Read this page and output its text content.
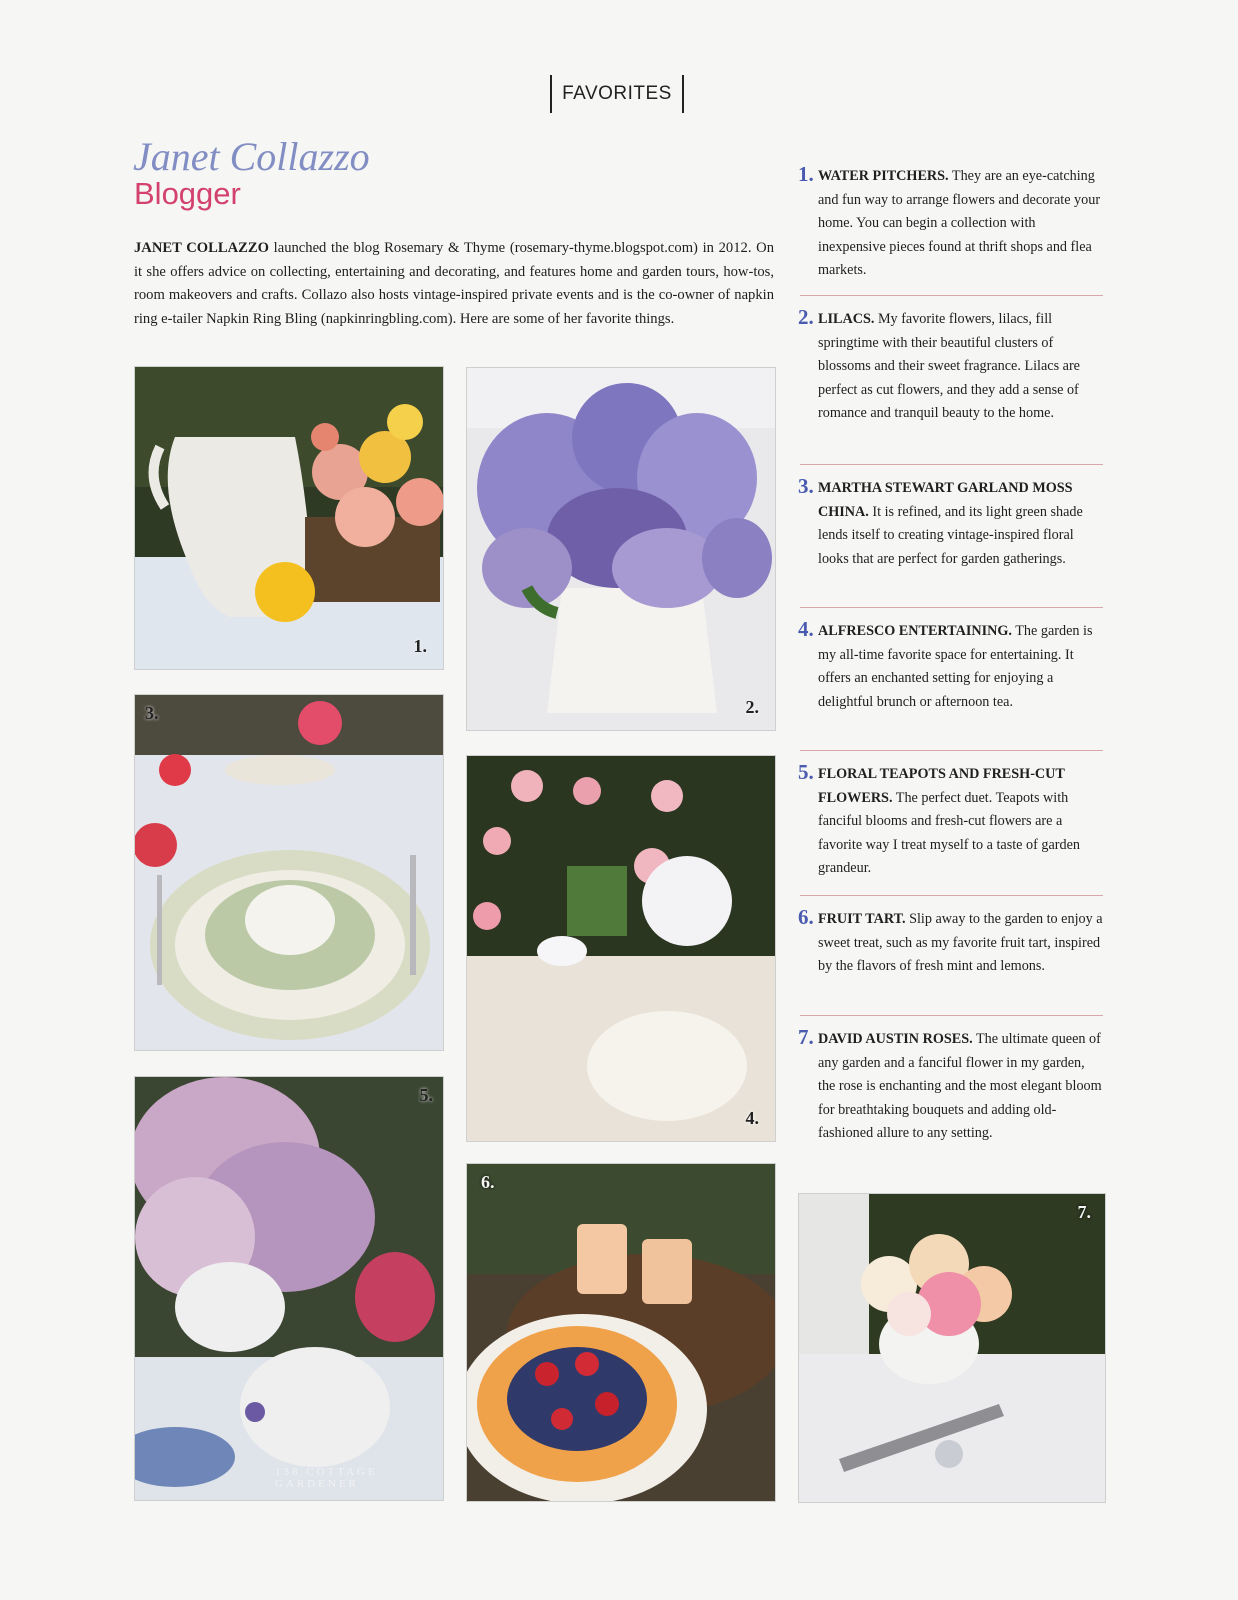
FAVORITES
Janet Collazzo
Blogger
JANET COLLAZZO launched the blog Rosemary & Thyme (rosemary-thyme.blogspot.com) in 2012. On it she offers advice on collecting, entertaining and decorating, and features home and garden tours, how-tos, room makeovers and crafts. Collazo also hosts vintage-inspired private events and is the co-owner of napkin ring e-tailer Napkin Ring Bling (napkinringbling.com). Here are some of her favorite things.
1.
2.
3.
4.
5.
138 COTTAGE GARDENER
6.
7.
1. WATER PITCHERS. They are an eye-catching and fun way to arrange flowers and decorate your home. You can begin a collection with inexpensive pieces found at thrift shops and flea markets.

2. LILACS. My favorite flowers, lilacs, fill springtime with their beautiful clusters of blossoms and their sweet fragrance. Lilacs are perfect as cut flowers, and they add a sense of romance and tranquil beauty to the home.

3. MARTHA STEWART GARLAND MOSS CHINA. It is refined, and its light green shade lends itself to creating vintage-inspired floral looks that are perfect for garden gatherings.

4. ALFRESCO ENTERTAINING. The garden is my all-time favorite space for entertaining. It offers an enchanted setting for enjoying a delightful brunch or afternoon tea.

5. FLORAL TEAPOTS AND FRESH-CUT FLOWERS. The perfect duet. Teapots with fanciful blooms and fresh-cut flowers are a favorite way I treat myself to a taste of garden grandeur.

6. FRUIT TART. Slip away to the garden to enjoy a sweet treat, such as my favorite fruit tart, inspired by the flavors of fresh mint and lemons.

7. DAVID AUSTIN ROSES. The ultimate queen of any garden and a fanciful flower in my garden, the rose is enchanting and the most elegant bloom for breathtaking bouquets and adding old-fashioned allure to any setting.
